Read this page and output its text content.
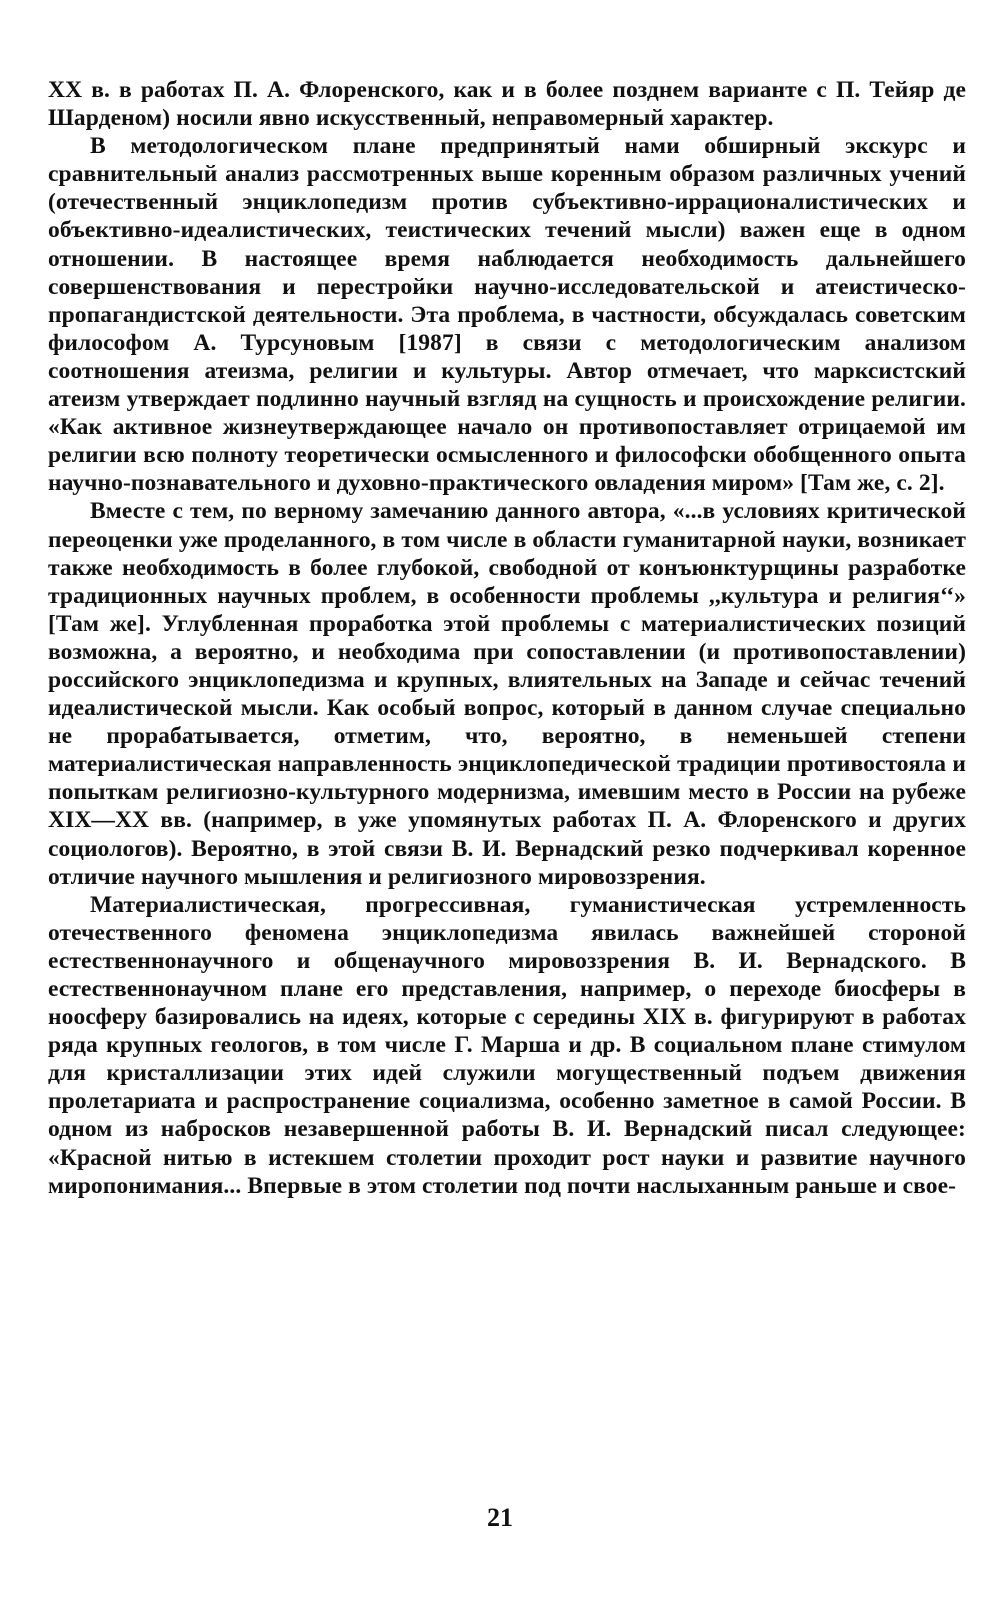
XX в. в работах П. А. Флоренского, как и в более позднем варианте с П. Тейяр де Шарденом) носили явно искусственный, неправомерный характер.

В методологическом плане предпринятый нами обширный экскурс и сравнительный анализ рассмотренных выше коренным образом различных учений (отечественный энциклопедизм против субъективно-иррационалистических и объективно-идеалистических, теистических течений мысли) важен еще в одном отношении. В настоящее время наблюдается необходимость дальнейшего совершенствования и перестройки научно-исследовательской и атеистическо-пропагандистской деятельности. Эта проблема, в частности, обсуждалась советским философом А. Турсуновым [1987] в связи с методологическим анализом соотношения атеизма, религии и культуры. Автор отмечает, что марксистский атеизм утверждает подлинно научный взгляд на сущность и происхождение религии. «Как активное жизнеутверждающее начало он противопоставляет отрицаемой им религии всю полноту теоретически осмысленного и философски обобщенного опыта научно-познавательного и духовно-практического овладения миром» [Там же, с. 2].

Вместе с тем, по верному замечанию данного автора, «...в условиях критической переоценки уже проделанного, в том числе в области гуманитарной науки, возникает также необходимость в более глубокой, свободной от конъюнктурщины разработке традиционных научных проблем, в особенности проблемы ,,культура и религия‘‘» [Там же]. Углубленная проработка этой проблемы с материалистических позиций возможна, а вероятно, и необходима при сопоставлении (и противопоставлении) российского энциклопедизма и крупных, влиятельных на Западе и сейчас течений идеалистической мысли. Как особый вопрос, который в данном случае специально не прорабатывается, отметим, что, вероятно, в неменьшей степени материалистическая направленность энциклопедической традиции противостояла и попыткам религиозно-культурного модернизма, имевшим место в России на рубеже XIX—XX вв. (например, в уже упомянутых работах П. А. Флоренского и других социологов). Вероятно, в этой связи В. И. Вернадский резко подчеркивал коренное отличие научного мышления и религиозного мировоззрения.

Материалистическая, прогрессивная, гуманистическая устремленность отечественного феномена энциклопедизма явилась важнейшей стороной естественнонаучного и общенаучного мировоззрения В. И. Вернадского. В естественнонаучном плане его представления, например, о переходе биосферы в ноосферу базировались на идеях, которые с середины XIX в. фигурируют в работах ряда крупных геологов, в том числе Г. Марша и др. В социальном плане стимулом для кристаллизации этих идей служили могущественный подъем движения пролетариата и распространение социализма, особенно заметное в самой России. В одном из набросков незавершенной работы В. И. Вернадский писал следующее: «Красной нитью в истекшем столетии проходит рост науки и развитие научного миропонимания... Впервые в этом столетии под почти наслыханным раньше и свое-

21
